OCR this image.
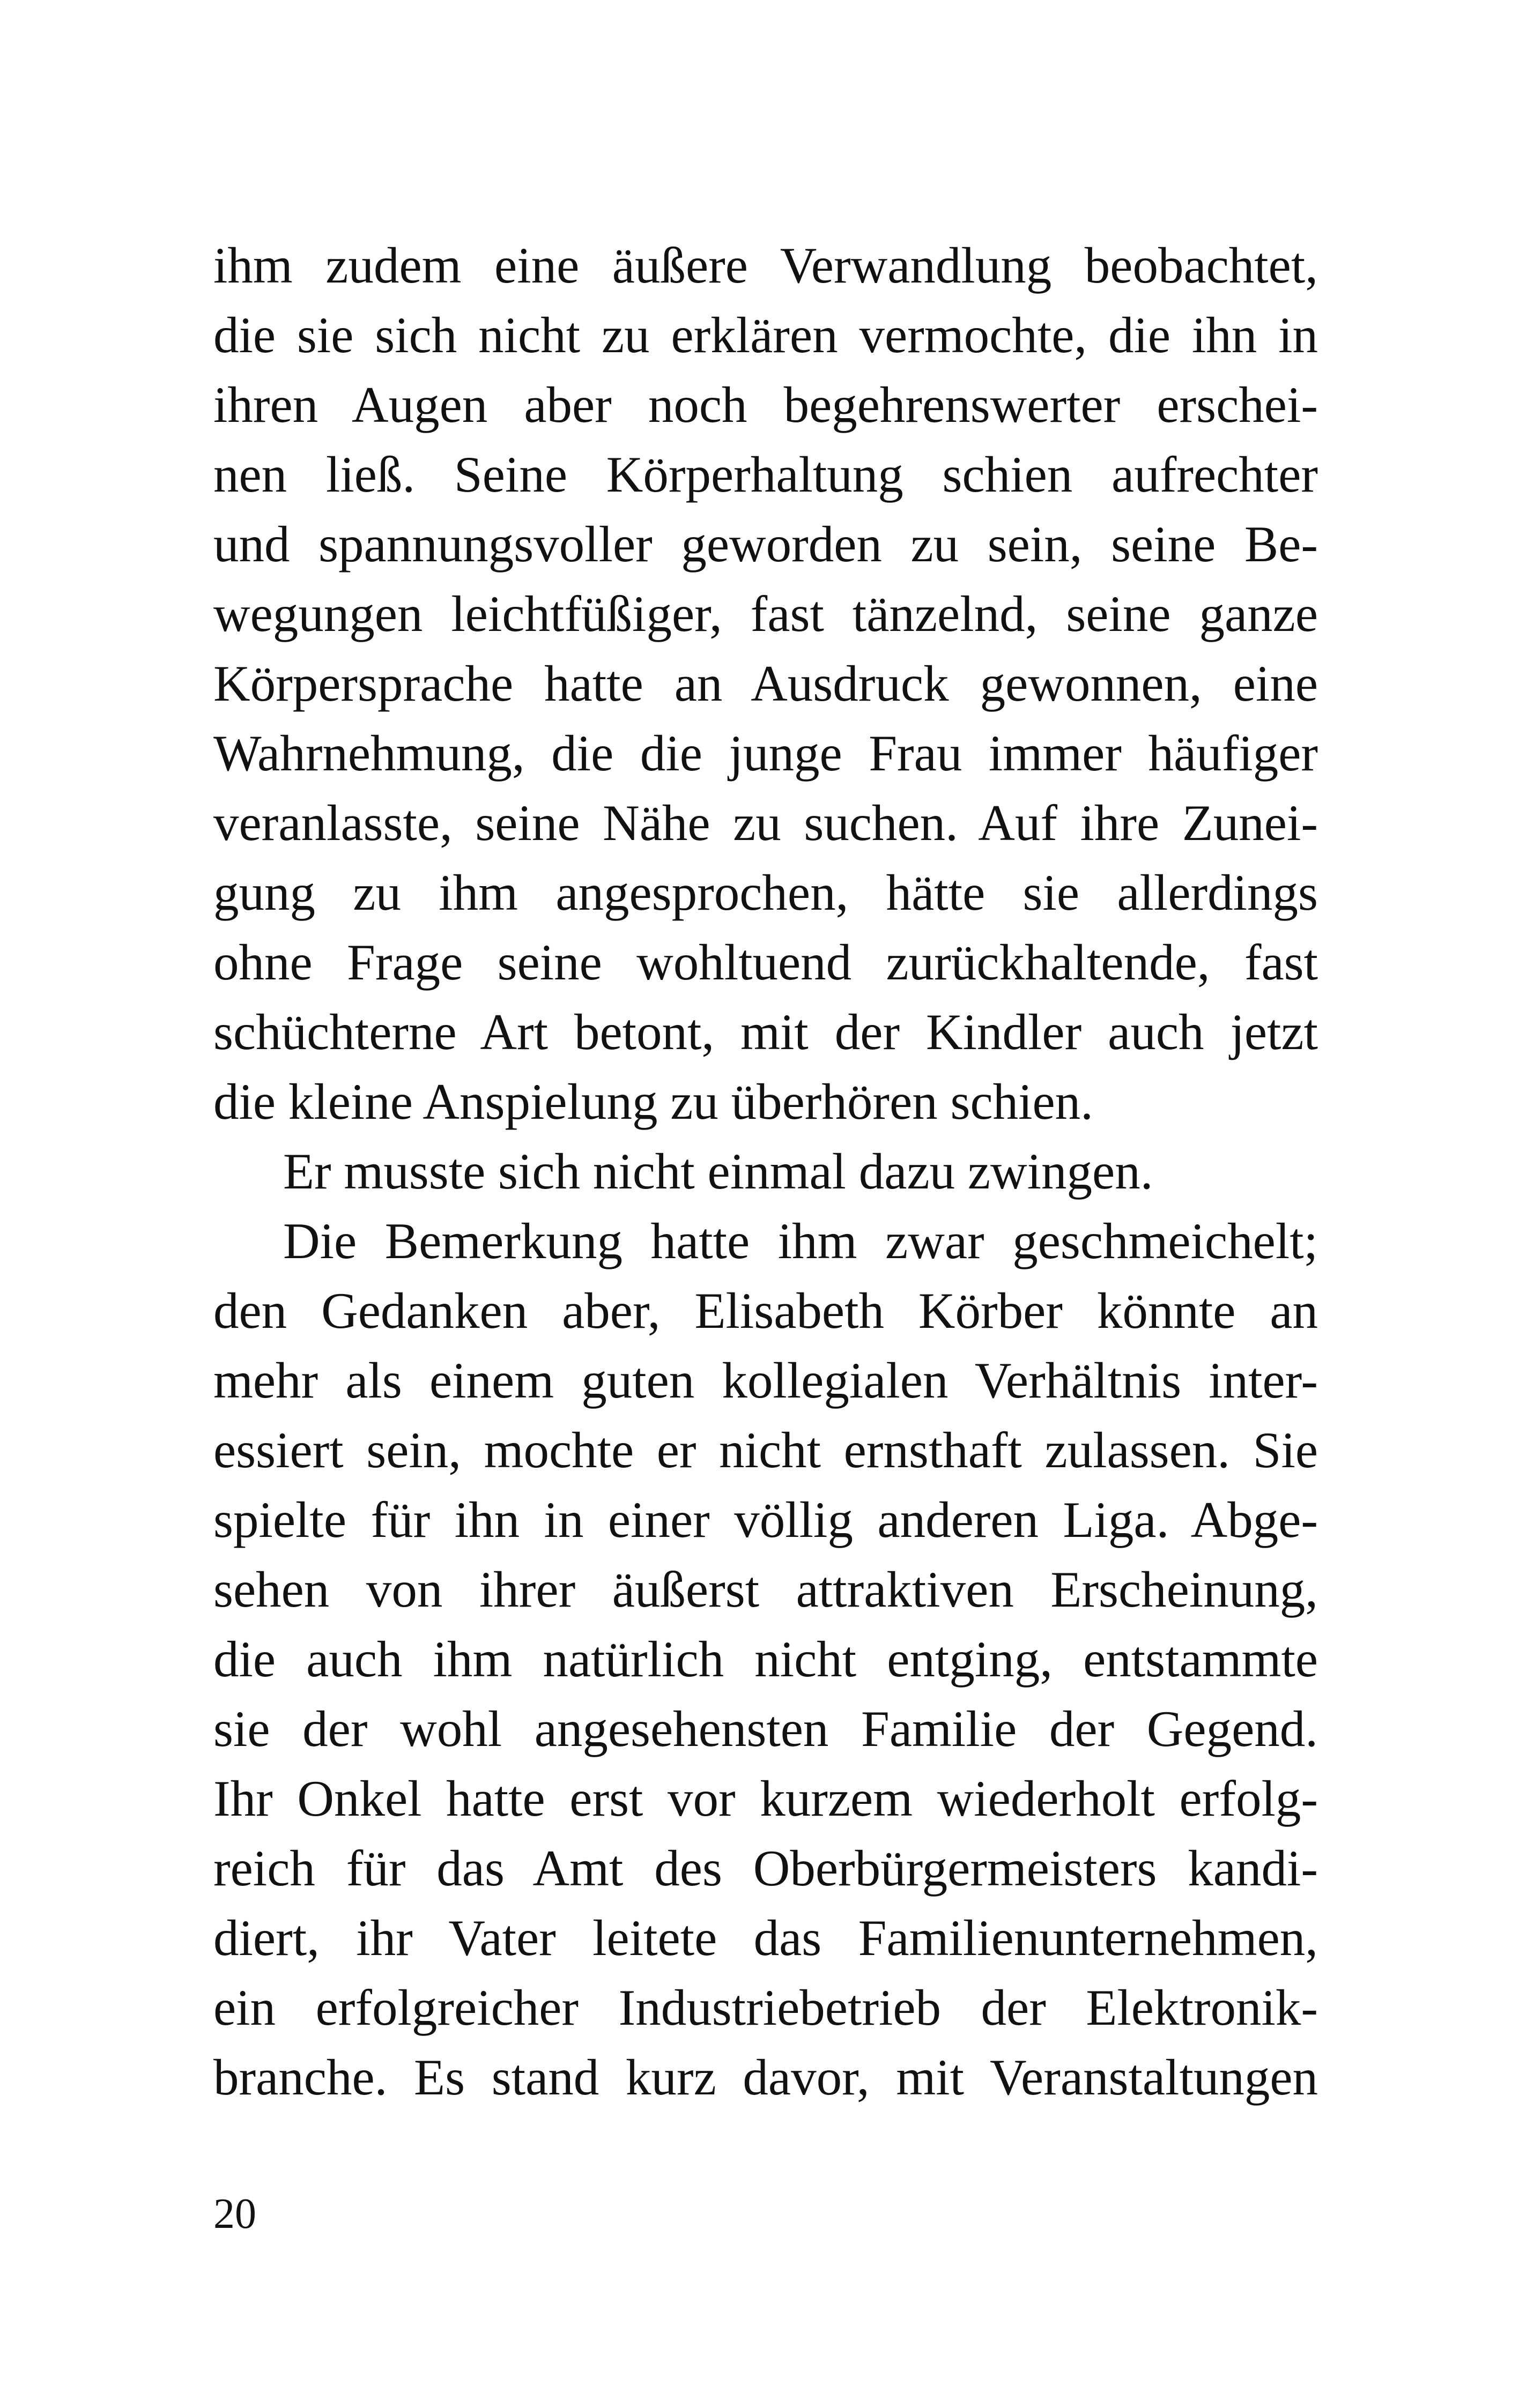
ihm zudem eine äußere Verwandlung beobachtet,
die sie sich nicht zu erklären vermochte, die ihn in
ihren Augen aber noch begehrenswerter erschei-
nen ließ. Seine Körperhaltung schien aufrechter
und spannungsvoller geworden zu sein, seine Be-
wegungen leichtfüßiger, fast tänzelnd, seine ganze
Körpersprache hatte an Ausdruck gewonnen, eine
Wahrnehmung, die die junge Frau immer häufiger
veranlasste, seine Nähe zu suchen. Auf ihre Zunei-
gung zu ihm angesprochen, hätte sie allerdings
ohne Frage seine wohltuend zurückhaltende, fast
schüchterne Art betont, mit der Kindler auch jetzt
die kleine Anspielung zu überhören schien.
Er musste sich nicht einmal dazu zwingen.
Die Bemerkung hatte ihm zwar geschmeichelt;
den Gedanken aber, Elisabeth Körber könnte an
mehr als einem guten kollegialen Verhältnis inter-
essiert sein, mochte er nicht ernsthaft zulassen. Sie
spielte für ihn in einer völlig anderen Liga. Abge-
sehen von ihrer äußerst attraktiven Erscheinung,
die auch ihm natürlich nicht entging, entstammte
sie der wohl angesehensten Familie der Gegend.
Ihr Onkel hatte erst vor kurzem wiederholt erfolg-
reich für das Amt des Oberbürgermeisters kandi-
diert, ihr Vater leitete das Familienunternehmen,
ein erfolgreicher Industriebetrieb der Elektronik-
branche. Es stand kurz davor, mit Veranstaltungen
20
